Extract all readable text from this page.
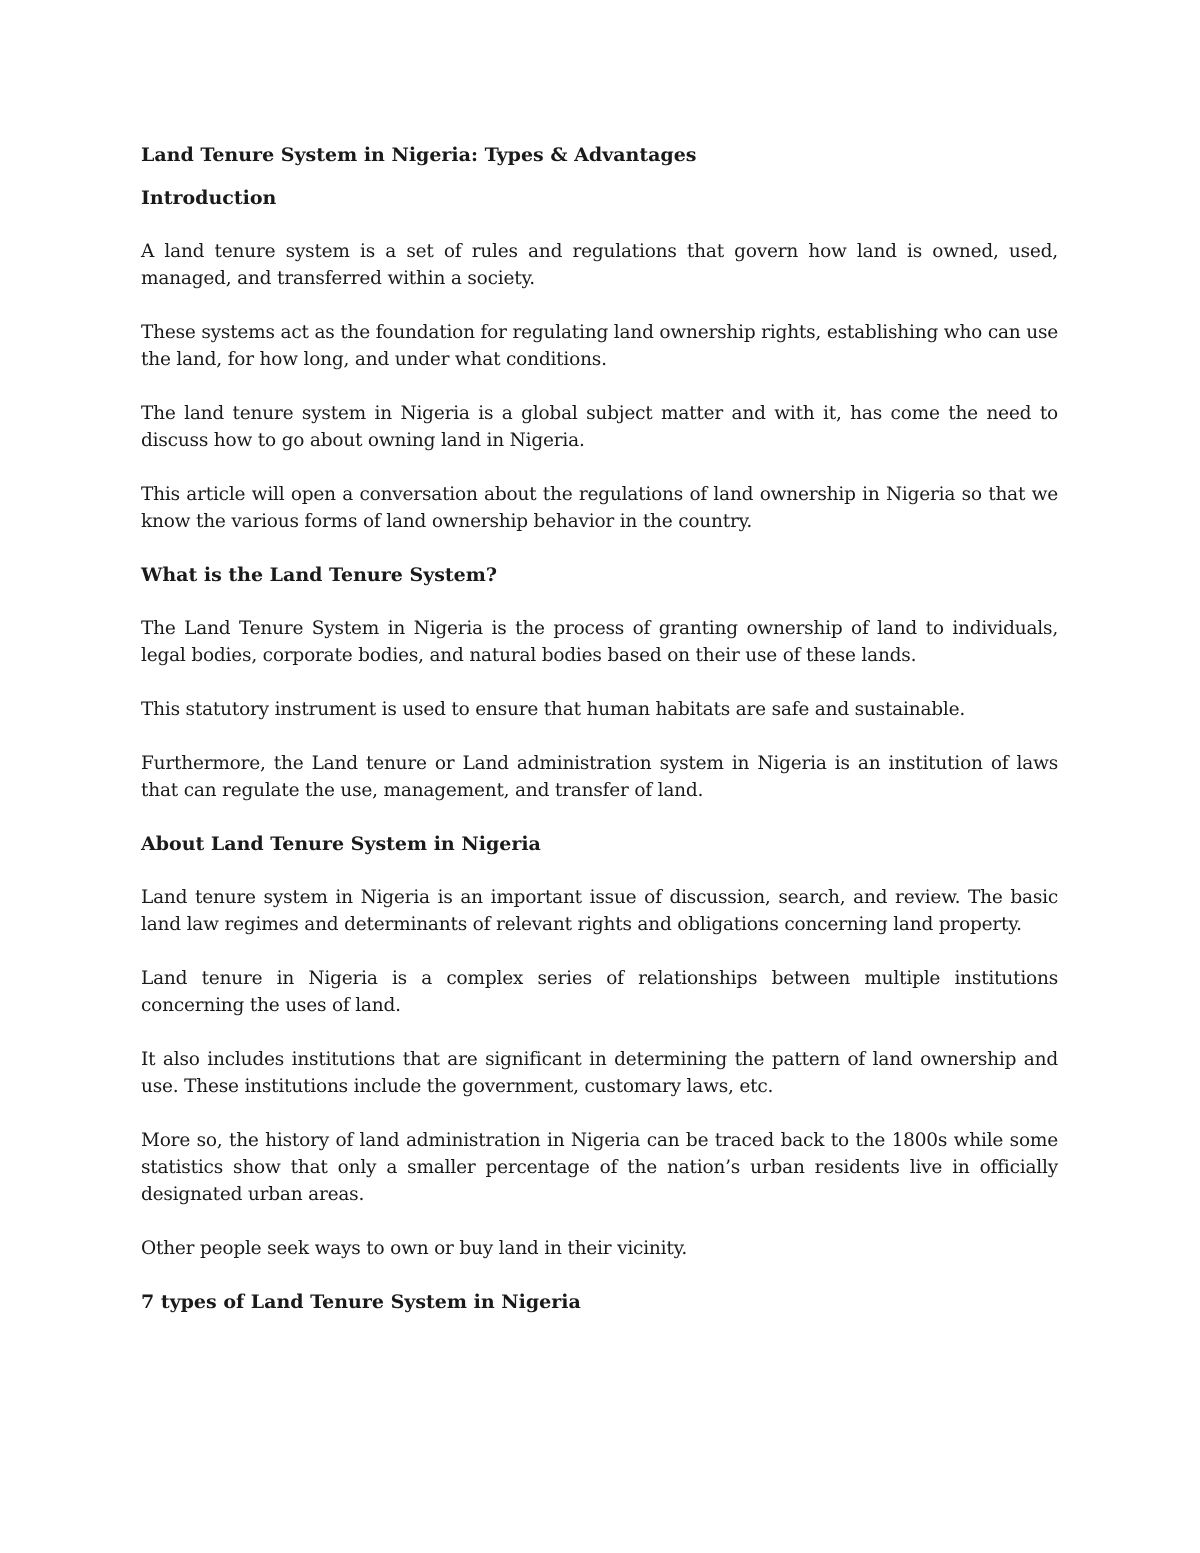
Land Tenure System in Nigeria: Types & Advantages
Introduction

A land tenure system is a set of rules and regulations that govern how land is owned, used, managed, and transferred within a society.

These systems act as the foundation for regulating land ownership rights, establishing who can use the land, for how long, and under what conditions.

The land tenure system in Nigeria is a global subject matter and with it, has come the need to discuss how to go about owning land in Nigeria.

This article will open a conversation about the regulations of land ownership in Nigeria so that we know the various forms of land ownership behavior in the country.

What is the Land Tenure System?

The Land Tenure System in Nigeria is the process of granting ownership of land to individuals, legal bodies, corporate bodies, and natural bodies based on their use of these lands.

This statutory instrument is used to ensure that human habitats are safe and sustainable.

Furthermore, the Land tenure or Land administration system in Nigeria is an institution of laws that can regulate the use, management, and transfer of land.

About Land Tenure System in Nigeria

Land tenure system in Nigeria is an important issue of discussion, search, and review. The basic land law regimes and determinants of relevant rights and obligations concerning land property.

Land tenure in Nigeria is a complex series of relationships between multiple institutions concerning the uses of land.

It also includes institutions that are significant in determining the pattern of land ownership and use. These institutions include the government, customary laws, etc.

More so, the history of land administration in Nigeria can be traced back to the 1800s while some statistics show that only a smaller percentage of the nation’s urban residents live in officially designated urban areas.

Other people seek ways to own or buy land in their vicinity.

7 types of Land Tenure System in Nigeria
